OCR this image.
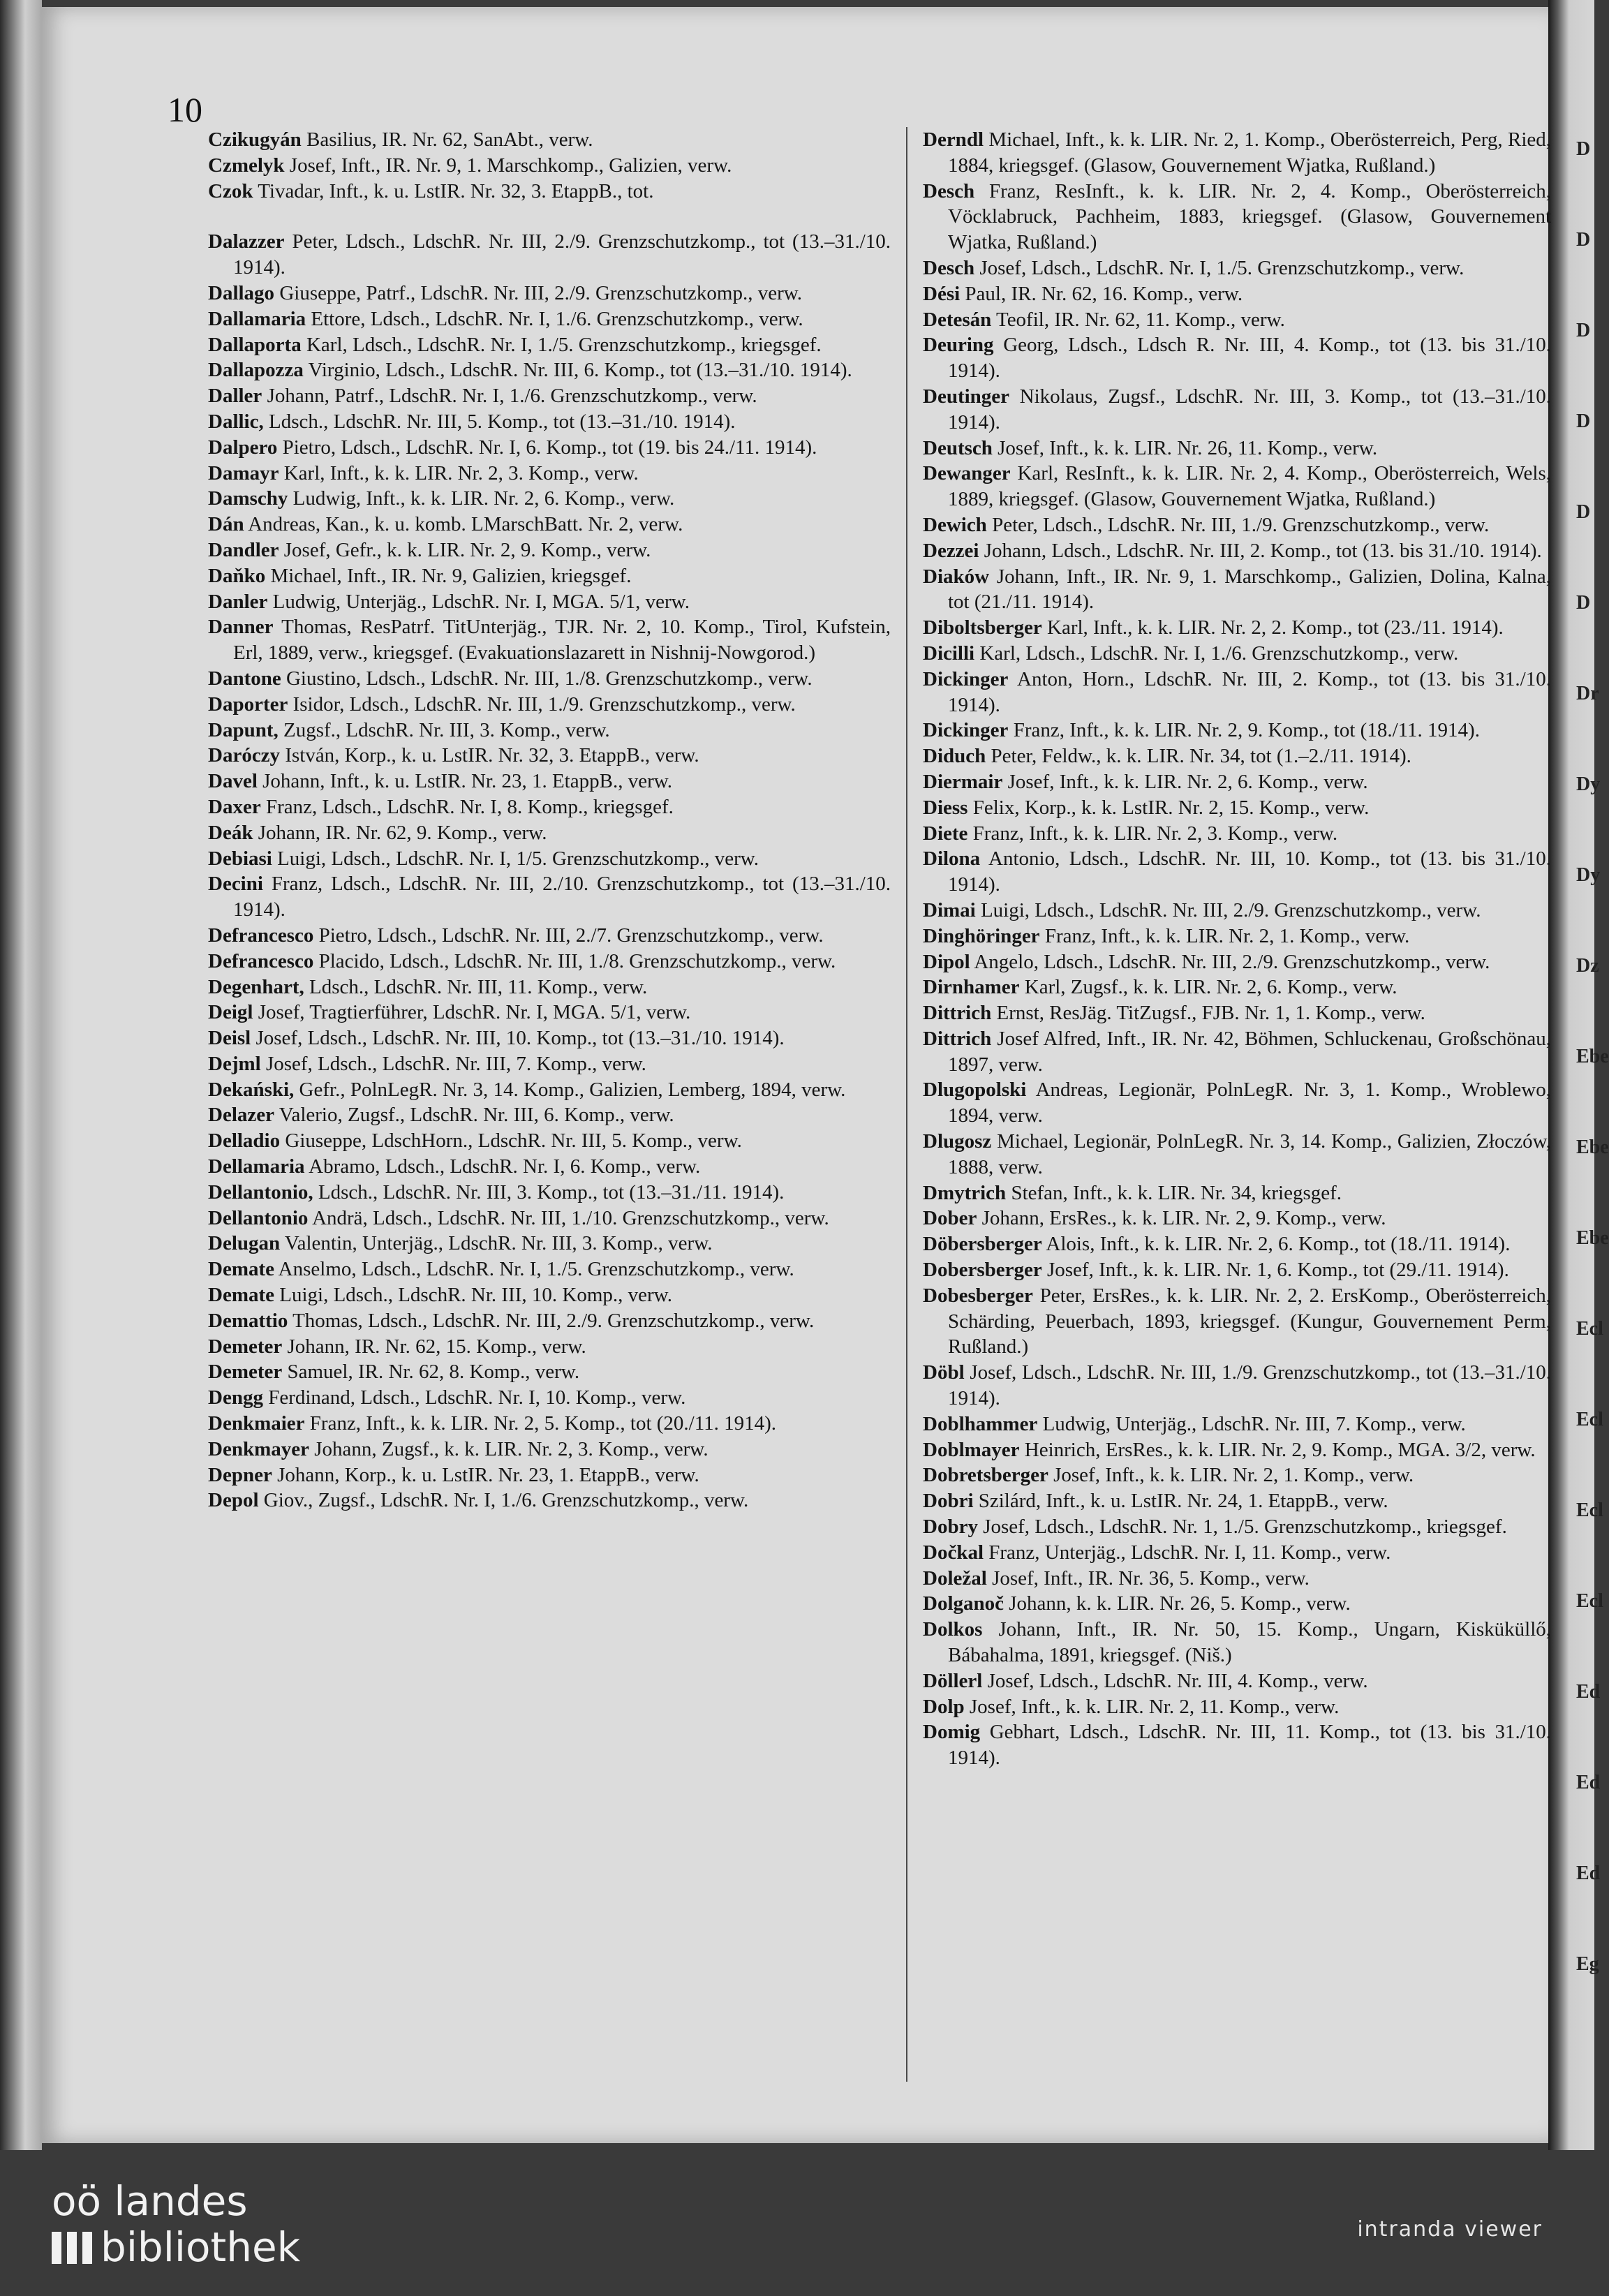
D
D
D
D
D
D
Dr
Dy
Dy
Dz
Ebe
Ebe
Ebe
Ecl
Ecl
Ecl
Ecl
Ed
Ed
Ed
Eg
10

Czikugyán Basilius, IR. Nr. 62, SanAbt., verw.

Czmelyk Josef, Inft., IR. Nr. 9, 1. Marschkomp., Galizien, verw.

Czok Tivadar, Inft., k. u. LstIR. Nr. 32, 3. EtappB., tot.

Dalazzer Peter, Ldsch., LdschR. Nr. III, 2./9. Grenzschutzkomp., tot (13.–31./10. 1914).

Dallago Giuseppe, Patrf., LdschR. Nr. III, 2./9. Grenzschutzkomp., verw.

Dallamaria Ettore, Ldsch., LdschR. Nr. I, 1./6. Grenzschutzkomp., verw.

Dallaporta Karl, Ldsch., LdschR. Nr. I, 1./5. Grenzschutzkomp., kriegsgef.

Dallapozza Virginio, Ldsch., LdschR. Nr. III, 6. Komp., tot (13.–31./10. 1914).

Daller Johann, Patrf., LdschR. Nr. I, 1./6. Grenzschutzkomp., verw.

Dallic, Ldsch., LdschR. Nr. III, 5. Komp., tot (13.–31./10. 1914).

Dalpero Pietro, Ldsch., LdschR. Nr. I, 6. Komp., tot (19. bis 24./11. 1914).

Damayr Karl, Inft., k. k. LIR. Nr. 2, 3. Komp., verw.

Damschy Ludwig, Inft., k. k. LIR. Nr. 2, 6. Komp., verw.

Dán Andreas, Kan., k. u. komb. LMarschBatt. Nr. 2, verw.

Dandler Josef, Gefr., k. k. LIR. Nr. 2, 9. Komp., verw.

Daňko Michael, Inft., IR. Nr. 9, Galizien, kriegsgef.

Danler Ludwig, Unterjäg., LdschR. Nr. I, MGA. 5/1, verw.

Danner Thomas, ResPatrf. TitUnterjäg., TJR. Nr. 2, 10. Komp., Tirol, Kufstein, Erl, 1889, verw., kriegsgef. (Evakuationslazarett in Nishnij-Nowgorod.)

Dantone Giustino, Ldsch., LdschR. Nr. III, 1./8. Grenzschutzkomp., verw.

Daporter Isidor, Ldsch., LdschR. Nr. III, 1./9. Grenzschutzkomp., verw.

Dapunt, Zugsf., LdschR. Nr. III, 3. Komp., verw.

Daróczy István, Korp., k. u. LstIR. Nr. 32, 3. EtappB., verw.

Davel Johann, Inft., k. u. LstIR. Nr. 23, 1. EtappB., verw.

Daxer Franz, Ldsch., LdschR. Nr. I, 8. Komp., kriegsgef.

Deák Johann, IR. Nr. 62, 9. Komp., verw.

Debiasi Luigi, Ldsch., LdschR. Nr. I, 1/5. Grenzschutzkomp., verw.

Decini Franz, Ldsch., LdschR. Nr. III, 2./10. Grenzschutzkomp., tot (13.–31./10. 1914).

Defrancesco Pietro, Ldsch., LdschR. Nr. III, 2./7. Grenzschutzkomp., verw.

Defrancesco Placido, Ldsch., LdschR. Nr. III, 1./8. Grenzschutzkomp., verw.

Degenhart, Ldsch., LdschR. Nr. III, 11. Komp., verw.

Deigl Josef, Tragtierführer, LdschR. Nr. I, MGA. 5/1, verw.

Deisl Josef, Ldsch., LdschR. Nr. III, 10. Komp., tot (13.–31./10. 1914).

Dejml Josef, Ldsch., LdschR. Nr. III, 7. Komp., verw.

Dekański, Gefr., PolnLegR. Nr. 3, 14. Komp., Galizien, Lemberg, 1894, verw.

Delazer Valerio, Zugsf., LdschR. Nr. III, 6. Komp., verw.

Delladio Giuseppe, LdschHorn., LdschR. Nr. III, 5. Komp., verw.

Dellamaria Abramo, Ldsch., LdschR. Nr. I, 6. Komp., verw.

Dellantonio, Ldsch., LdschR. Nr. III, 3. Komp., tot (13.–31./11. 1914).

Dellantonio Andrä, Ldsch., LdschR. Nr. III, 1./10. Grenzschutzkomp., verw.

Delugan Valentin, Unterjäg., LdschR. Nr. III, 3. Komp., verw.

Demate Anselmo, Ldsch., LdschR. Nr. I, 1./5. Grenzschutzkomp., verw.

Demate Luigi, Ldsch., LdschR. Nr. III, 10. Komp., verw.

Demattio Thomas, Ldsch., LdschR. Nr. III, 2./9. Grenzschutzkomp., verw.

Demeter Johann, IR. Nr. 62, 15. Komp., verw.

Demeter Samuel, IR. Nr. 62, 8. Komp., verw.

Dengg Ferdinand, Ldsch., LdschR. Nr. I, 10. Komp., verw.

Denkmaier Franz, Inft., k. k. LIR. Nr. 2, 5. Komp., tot (20./11. 1914).

Denkmayer Johann, Zugsf., k. k. LIR. Nr. 2, 3. Komp., verw.

Depner Johann, Korp., k. u. LstIR. Nr. 23, 1. EtappB., verw.

Depol Giov., Zugsf., LdschR. Nr. I, 1./6. Grenzschutzkomp., verw.

Derndl Michael, Inft., k. k. LIR. Nr. 2, 1. Komp., Oberösterreich, Perg, Ried, 1884, kriegsgef. (Glasow, Gouvernement Wjatka, Rußland.)

Desch Franz, ResInft., k. k. LIR. Nr. 2, 4. Komp., Oberösterreich, Vöcklabruck, Pachheim, 1883, kriegsgef. (Glasow, Gouvernement Wjatka, Rußland.)

Desch Josef, Ldsch., LdschR. Nr. I, 1./5. Grenzschutzkomp., verw.

Dési Paul, IR. Nr. 62, 16. Komp., verw.

Detesán Teofil, IR. Nr. 62, 11. Komp., verw.

Deuring Georg, Ldsch., Ldsch R. Nr. III, 4. Komp., tot (13. bis 31./10. 1914).

Deutinger Nikolaus, Zugsf., LdschR. Nr. III, 3. Komp., tot (13.–31./10. 1914).

Deutsch Josef, Inft., k. k. LIR. Nr. 26, 11. Komp., verw.

Dewanger Karl, ResInft., k. k. LIR. Nr. 2, 4. Komp., Oberösterreich, Wels, 1889, kriegsgef. (Glasow, Gouvernement Wjatka, Rußland.)

Dewich Peter, Ldsch., LdschR. Nr. III, 1./9. Grenzschutzkomp., verw.

Dezzei Johann, Ldsch., LdschR. Nr. III, 2. Komp., tot (13. bis 31./10. 1914).

Diaków Johann, Inft., IR. Nr. 9, 1. Marschkomp., Galizien, Dolina, Kalna, tot (21./11. 1914).

Diboltsberger Karl, Inft., k. k. LIR. Nr. 2, 2. Komp., tot (23./11. 1914).

Dicilli Karl, Ldsch., LdschR. Nr. I, 1./6. Grenzschutzkomp., verw.

Dickinger Anton, Horn., LdschR. Nr. III, 2. Komp., tot (13. bis 31./10. 1914).

Dickinger Franz, Inft., k. k. LIR. Nr. 2, 9. Komp., tot (18./11. 1914).

Diduch Peter, Feldw., k. k. LIR. Nr. 34, tot (1.–2./11. 1914).

Diermair Josef, Inft., k. k. LIR. Nr. 2, 6. Komp., verw.

Diess Felix, Korp., k. k. LstIR. Nr. 2, 15. Komp., verw.

Diete Franz, Inft., k. k. LIR. Nr. 2, 3. Komp., verw.

Dilona Antonio, Ldsch., LdschR. Nr. III, 10. Komp., tot (13. bis 31./10. 1914).

Dimai Luigi, Ldsch., LdschR. Nr. III, 2./9. Grenzschutzkomp., verw.

Dinghöringer Franz, Inft., k. k. LIR. Nr. 2, 1. Komp., verw.

Dipol Angelo, Ldsch., LdschR. Nr. III, 2./9. Grenzschutzkomp., verw.

Dirnhamer Karl, Zugsf., k. k. LIR. Nr. 2, 6. Komp., verw.

Dittrich Ernst, ResJäg. TitZugsf., FJB. Nr. 1, 1. Komp., verw.

Dittrich Josef Alfred, Inft., IR. Nr. 42, Böhmen, Schluckenau, Großschönau, 1897, verw.

Dlugopolski Andreas, Legionär, PolnLegR. Nr. 3, 1. Komp., Wroblewo, 1894, verw.

Dlugosz Michael, Legionär, PolnLegR. Nr. 3, 14. Komp., Galizien, Złoczów, 1888, verw.

Dmytrich Stefan, Inft., k. k. LIR. Nr. 34, kriegsgef.

Dober Johann, ErsRes., k. k. LIR. Nr. 2, 9. Komp., verw.

Döbersberger Alois, Inft., k. k. LIR. Nr. 2, 6. Komp., tot (18./11. 1914).

Dobersberger Josef, Inft., k. k. LIR. Nr. 1, 6. Komp., tot (29./11. 1914).

Dobesberger Peter, ErsRes., k. k. LIR. Nr. 2, 2. ErsKomp., Oberösterreich, Schärding, Peuerbach, 1893, kriegsgef. (Kungur, Gouvernement Perm, Rußland.)

Döbl Josef, Ldsch., LdschR. Nr. III, 1./9. Grenzschutzkomp., tot (13.–31./10. 1914).

Doblhammer Ludwig, Unterjäg., LdschR. Nr. III, 7. Komp., verw.

Doblmayer Heinrich, ErsRes., k. k. LIR. Nr. 2, 9. Komp., MGA. 3/2, verw.

Dobretsberger Josef, Inft., k. k. LIR. Nr. 2, 1. Komp., verw.

Dobri Szilárd, Inft., k. u. LstIR. Nr. 24, 1. EtappB., verw.

Dobry Josef, Ldsch., LdschR. Nr. 1, 1./5. Grenzschutzkomp., kriegsgef.

Dočkal Franz, Unterjäg., LdschR. Nr. I, 11. Komp., verw.

Doležal Josef, Inft., IR. Nr. 36, 5. Komp., verw.

Dolganoč Johann, k. k. LIR. Nr. 26, 5. Komp., verw.

Dolkos Johann, Inft., IR. Nr. 50, 15. Komp., Ungarn, Kisküküllő, Bábahalma, 1891, kriegsgef. (Niš.)

Döllerl Josef, Ldsch., LdschR. Nr. III, 4. Komp., verw.

Dolp Josef, Inft., k. k. LIR. Nr. 2, 11. Komp., verw.

Domig Gebhart, Ldsch., LdschR. Nr. III, 11. Komp., tot (13. bis 31./10. 1914).

oö landes
bibliothek	intranda viewer
